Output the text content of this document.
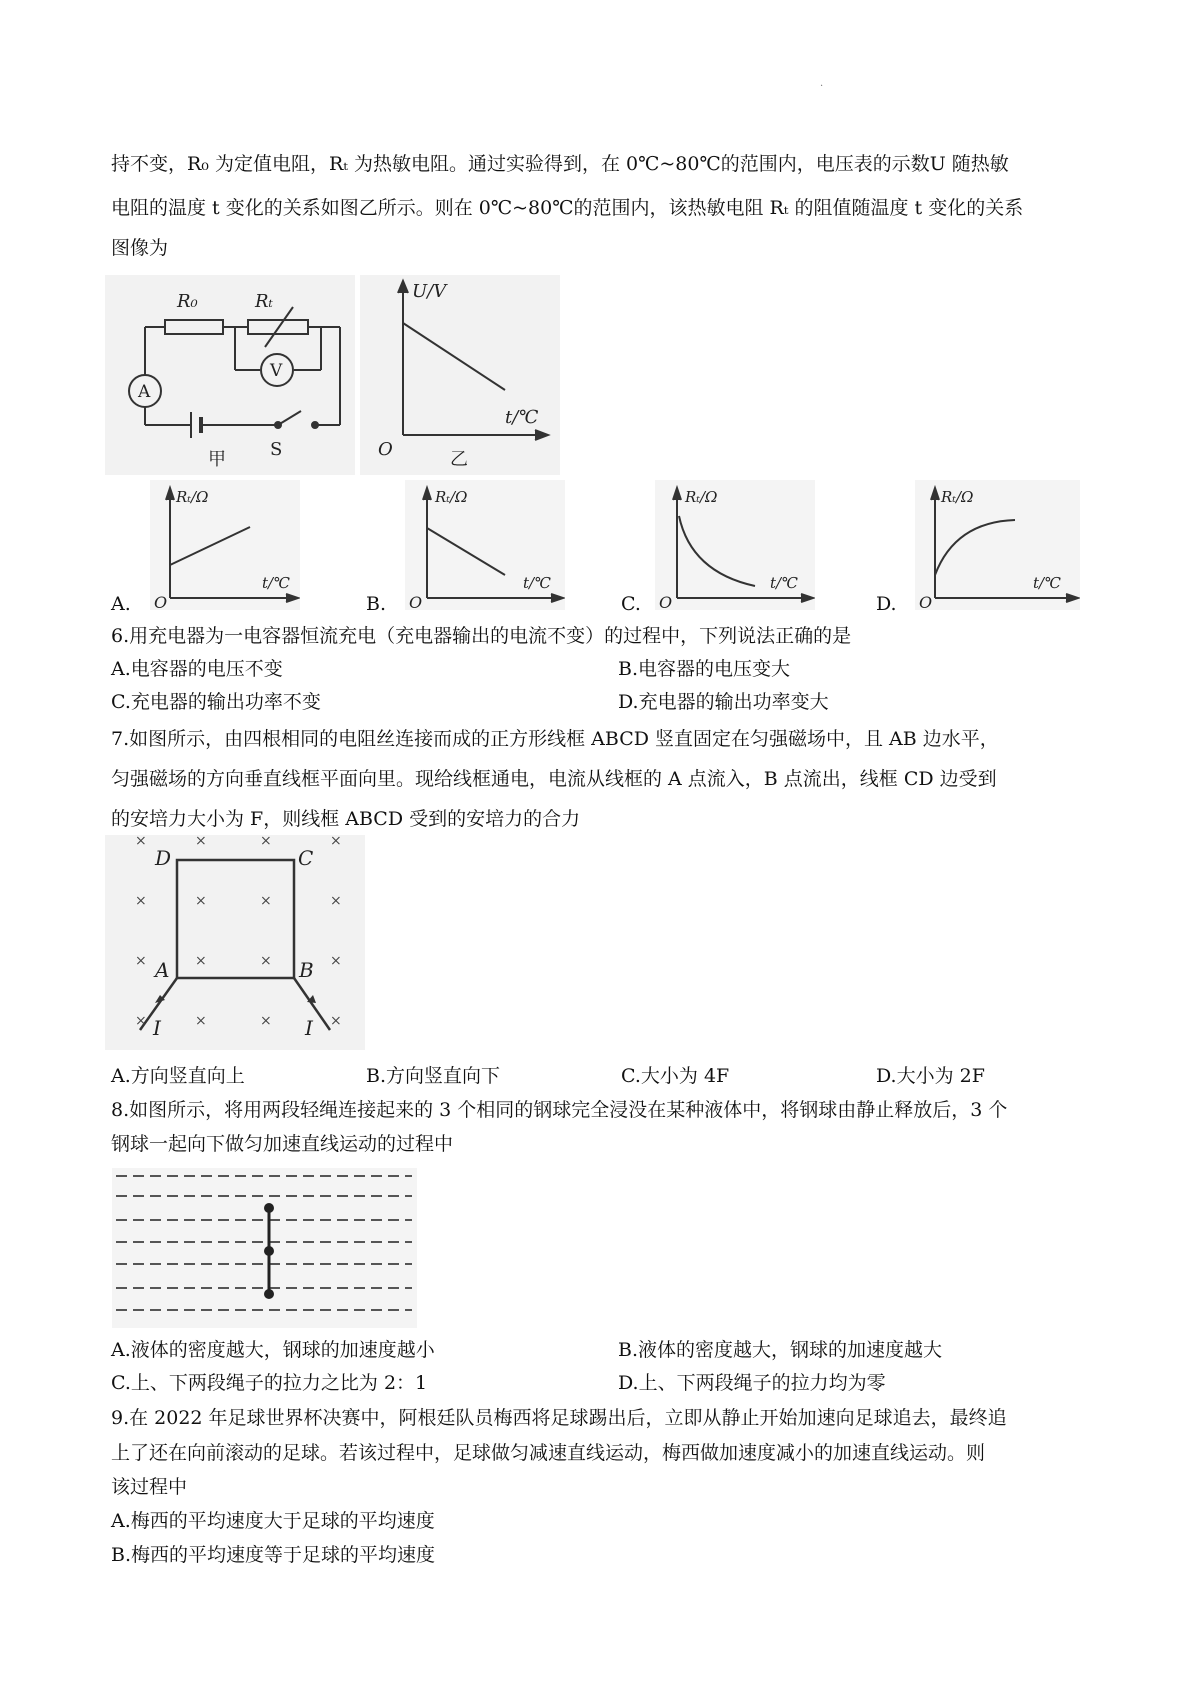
.
持不变，R₀ 为定值电阻，Rₜ 为热敏电阻。通过实验得到，在 0℃~80℃的范围内，电压表的示数U 随热敏
电阻的温度 t 变化的关系如图乙所示。则在 0℃~80℃的范围内，该热敏电阻 Rₜ 的阻值随温度 t 变化的关系
图像为
R₀	Rₜ
A
V
S
甲
U/V
t/℃
O	乙
A.
Rₜ/Ω
t/℃
O	B.
Rₜ/Ω
t/℃
O	C.
Rₜ/Ω
t/℃
O	D.
Rₜ/Ω
t/℃
O
6.用充电器为一电容器恒流充电（充电器输出的电流不变）的过程中，下列说法正确的是
A.电容器的电压不变	B.电容器的电压变大
C.充电器的输出功率不变	D.充电器的输出功率变大
7.如图所示，由四根相同的电阻丝连接而成的正方形线框 ABCD 竖直固定在匀强磁场中，且 AB 边水平，
匀强磁场的方向垂直线框平面向里。现给线框通电，电流从线框的 A 点流入，B 点流出，线框 CD 边受到
的安培力大小为 F，则线框 ABCD 受到的安培力的合力
×	×	×	×
×	×	×	×
×	×	×	×
×	×	×	×
D	C
A	B
I	I
A.方向竖直向上	B.方向竖直向下	C.大小为 4F	D.大小为 2F
8.如图所示，将用两段轻绳连接起来的 3 个相同的钢球完全浸没在某种液体中，将钢球由静止释放后，3 个
钢球一起向下做匀加速直线运动的过程中
A.液体的密度越大，钢球的加速度越小	B.液体的密度越大，钢球的加速度越大
C.上、下两段绳子的拉力之比为 2：1	D.上、下两段绳子的拉力均为零
9.在 2022 年足球世界杯决赛中，阿根廷队员梅西将足球踢出后，立即从静止开始加速向足球追去，最终追
上了还在向前滚动的足球。若该过程中，足球做匀减速直线运动，梅西做加速度减小的加速直线运动。则
该过程中
A.梅西的平均速度大于足球的平均速度
B.梅西的平均速度等于足球的平均速度
